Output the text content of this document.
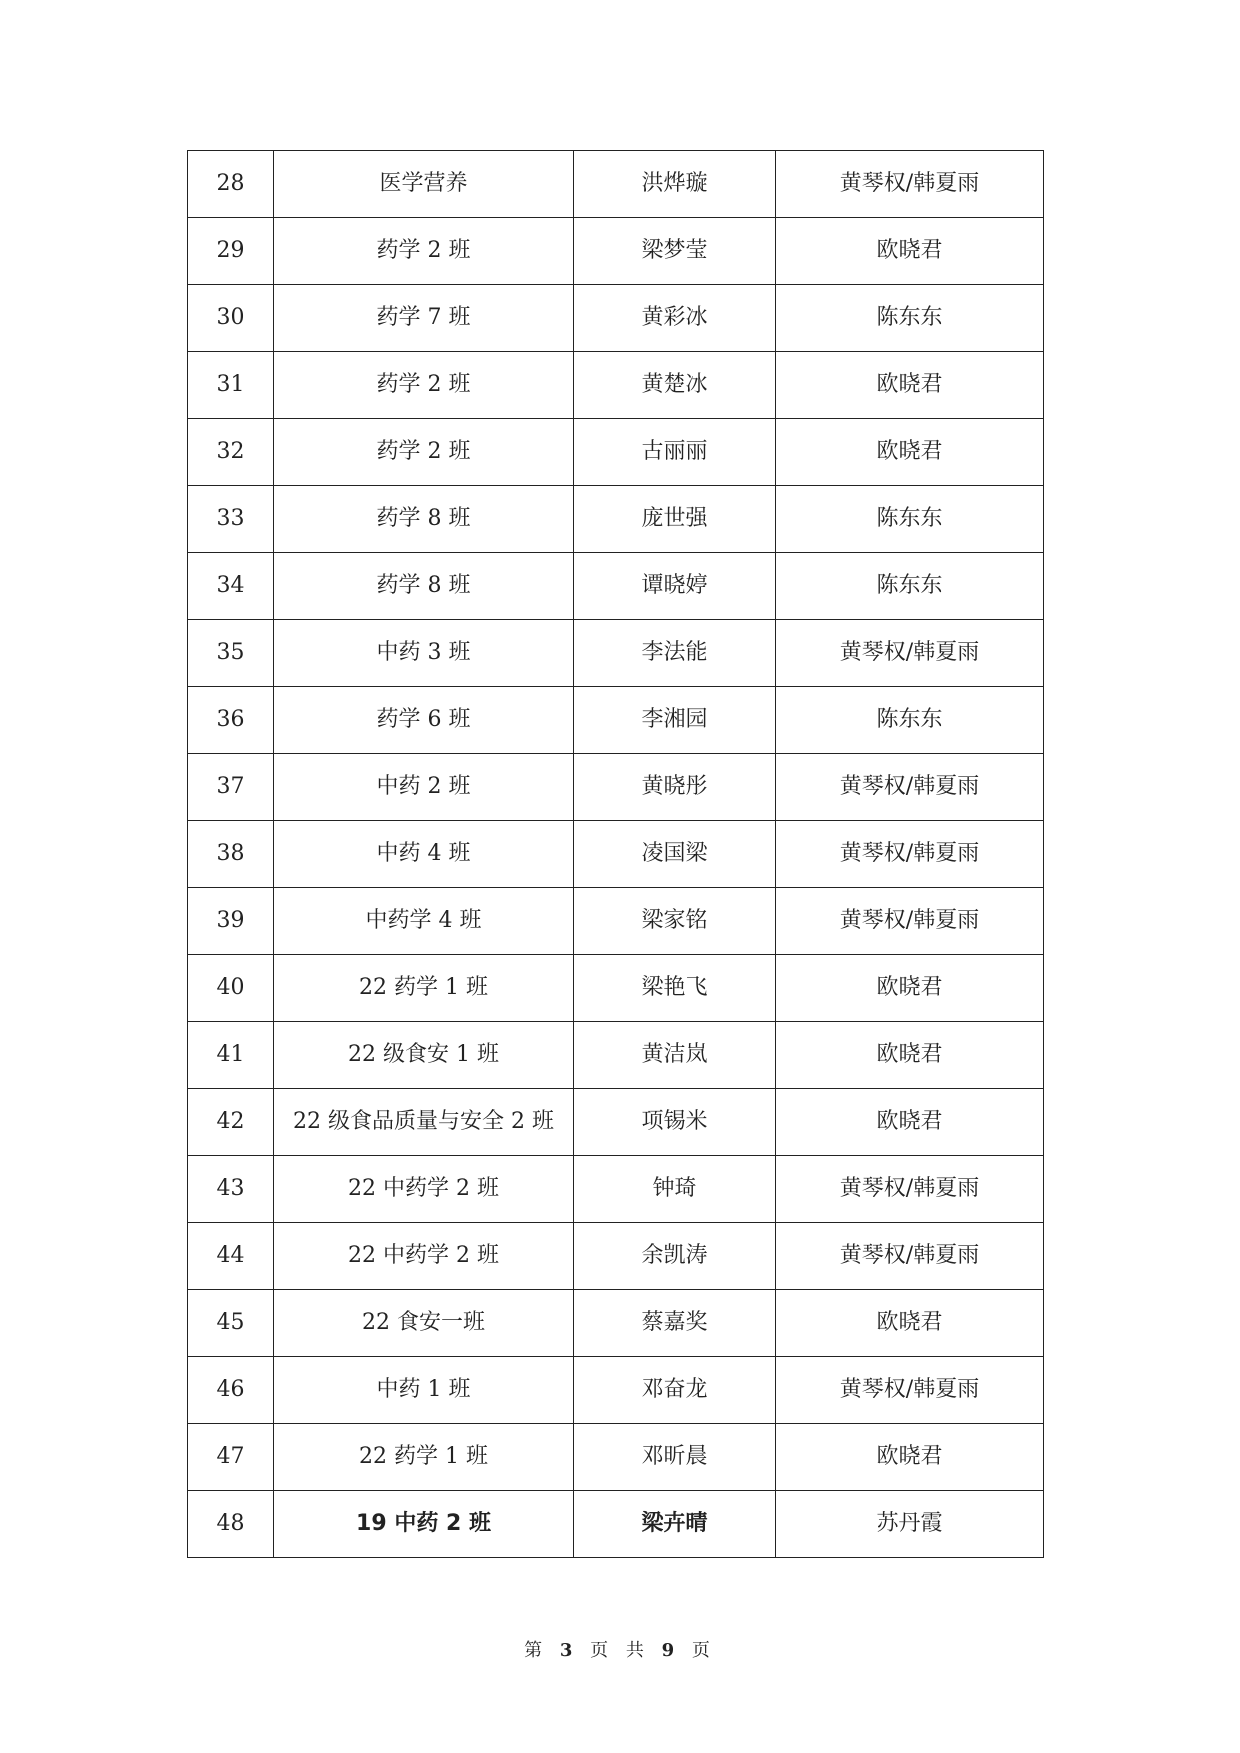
28	医学营养	洪烨璇	黄琴权/韩夏雨
29	药学 2 班	梁梦莹	欧晓君
30	药学 7 班	黄彩冰	陈东东
31	药学 2 班	黄楚冰	欧晓君
32	药学 2 班	古丽丽	欧晓君
33	药学 8 班	庞世强	陈东东
34	药学 8 班	谭晓婷	陈东东
35	中药 3 班	李法能	黄琴权/韩夏雨
36	药学 6 班	李湘园	陈东东
37	中药 2 班	黄晓彤	黄琴权/韩夏雨
38	中药 4 班	凌国梁	黄琴权/韩夏雨
39	中药学 4 班	梁家铭	黄琴权/韩夏雨
40	22 药学 1 班	梁艳飞	欧晓君
41	22 级食安 1 班	黄洁岚	欧晓君
42	22 级食品质量与安全 2 班	项锡米	欧晓君
43	22 中药学 2 班	钟琦	黄琴权/韩夏雨
44	22 中药学 2 班	余凯涛	黄琴权/韩夏雨
45	22 食安一班	蔡嘉奖	欧晓君
46	中药 1 班	邓奋龙	黄琴权/韩夏雨
47	22 药学 1 班	邓昕晨	欧晓君
48	19 中药 2 班	梁卉晴	苏丹霞
第 3 页 共 9 页
